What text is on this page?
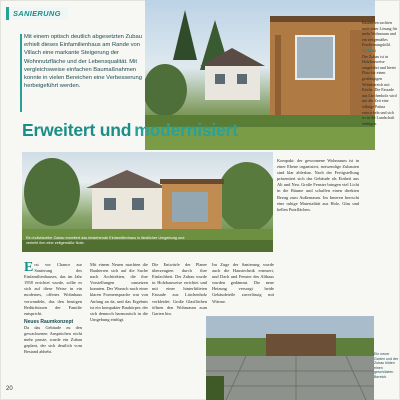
SANIERUNG
Mit einem optisch deutlich abgesetzten Zubau erhielt dieses Einfamilienhaus am Rande von Villach eine markante Steigerung der Wohnnutzfläche und der Lebensqualität. Mit vergleichsweise einfachen Baumaßnahmen konnte in vielen Bereichen eine Verbesserung herbeigeführt werden.
Erweitert und modernisiert
Ein individueller Zubau erweitert das bestehende Einfamilienhaus in ländlicher Umgebung und verleiht ihm eine zeitgemäße Note.
E rst vor Chance zur Sanierung des Einfamilienhauses, das im Jahr 1958 errichtet wurde, sollte es sich auf diese Weise in ein modernes, offenes Wohnhaus verwandeln, das den heutigen Bedürfnissen der Familie entspricht.
Neues Raumkonzept
Da das Gebäude zu den gewachsenen Ansprüchen nicht mehr passte, wurde ein Zubau geplant, der sich deutlich vom Bestand abhebt.
Mit einem Neuen machten die Bauherren sich auf die Suche nach Architekten, die ihre Vorstellungen umsetzen konnten. Der Wunsch nach einer klaren Formensprache war von Anfang an da, und das Ergebnis ist ein kompakter Baukörper, der sich dennoch harmonisch in die Umgebung einfügt.
Die Entwürfe der Planer überzeugten durch ihre Einfachheit. Der Zubau wurde in Holzbauweise errichtet und mit einer hinterlüfteten Fassade aus Lärchenholz verkleidet. Große Glasflächen öffnen den Wohnraum zum Garten hin.
Im Zuge der Sanierung wurde auch die Haustechnik erneuert, und Dach und Fenster des Altbaus wurden gedämmt. Die neue Heizung versorgt beide Gebäudeteile zuverlässig mit Wärme.
Kompakt: der gewonnene Wohnraum ist in einer Ebene organisiert, notwendige Zubauten sind klar ablesbar. Nach der Fertigstellung präsentiert sich das Gebäude als Einheit aus Alt und Neu. Große Fenster bringen viel Licht in die Räume und schaffen einen direkten Bezug zum Außenraum. Im Inneren herrscht eine ruhige Materialität aus Holz, Glas und hellen Putzflächen.
Bauherren suchten nach einer Lösung für mehr Wohnraum und ein zeitgemäßes Erscheinungsbild.
Zubau
Der Zubau ist in Holzbauweise ausgeführt und bietet Platz für einen großzügigen Wohnbereich mit Küche. Die Fassade aus Lärchenholz wird mit der Zeit eine silbrige Patina entwickeln und sich so in die Landschaft einfügen.
Ein neuer Garten und der Zubau bilden einen geschützten Bereich.
20
